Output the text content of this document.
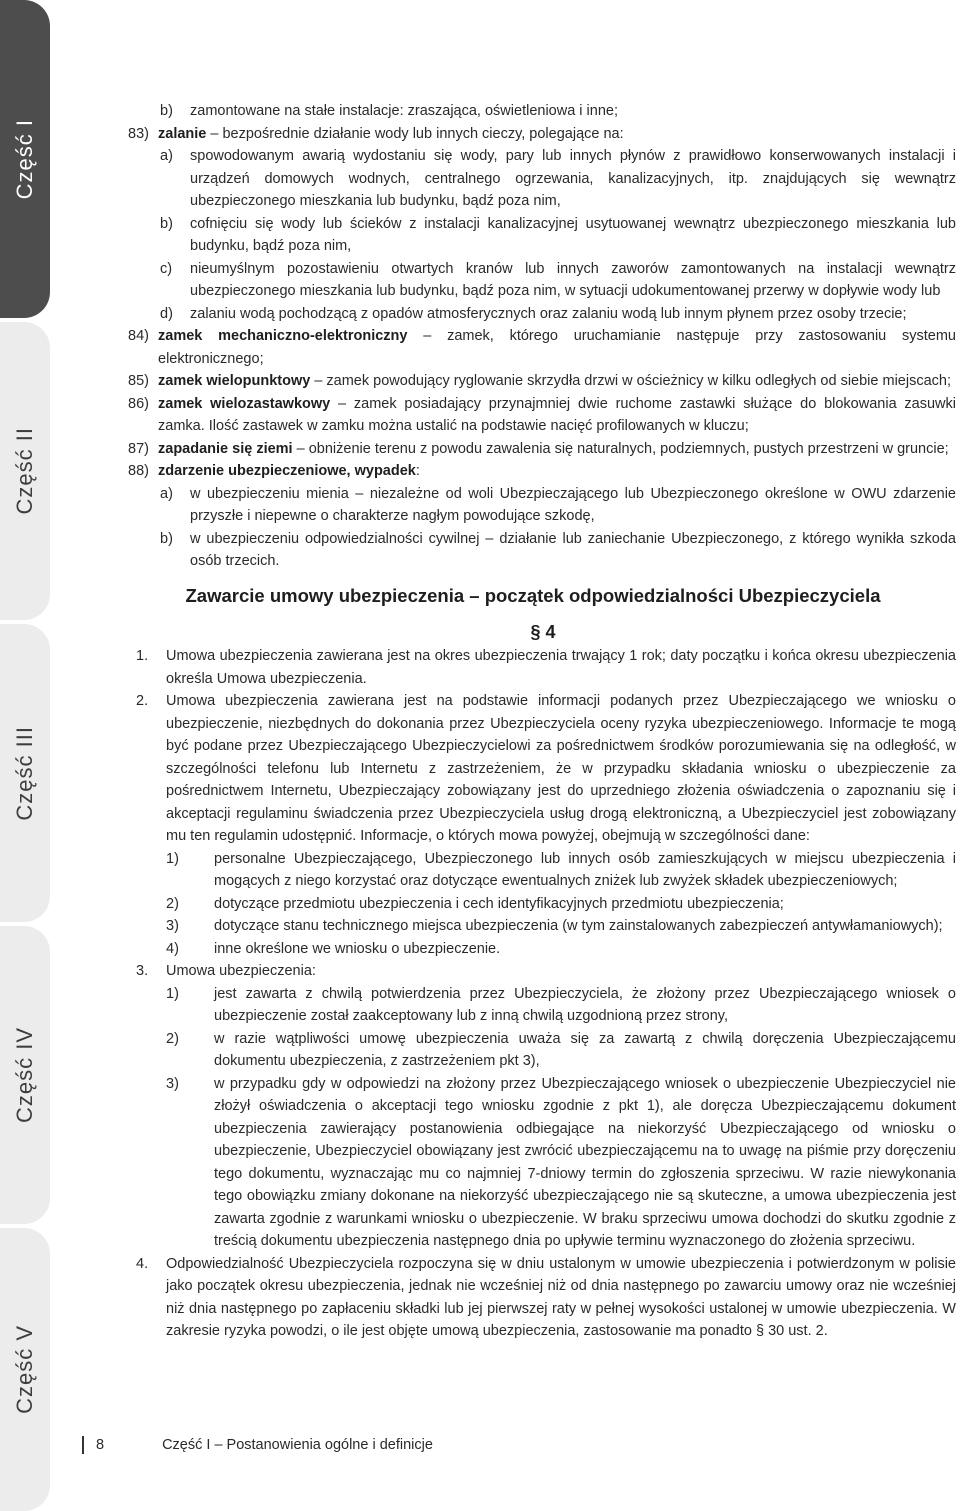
Część I
Część II
Część III
Część IV
Część V
b)	zamontowane na stałe instalacje: zraszająca, oświetleniowa i inne;
83) zalanie – bezpośrednie działanie wody lub innych cieczy, polegające na:
a)	spowodowanym awarią wydostaniu się wody, pary lub innych płynów z prawidłowo konserwowanych instalacji i urządzeń domowych wodnych, centralnego ogrzewania, kanalizacyjnych, itp. znajdujących się wewnątrz ubezpieczonego mieszkania lub budynku, bądź poza nim,
b)	cofnięciu się wody lub ścieków z instalacji kanalizacyjnej usytuowanej wewnątrz ubezpieczonego mieszkania lub budynku, bądź poza nim,
c)	nieumyślnym pozostawieniu otwartych kranów lub innych zaworów zamontowanych na instalacji wewnątrz ubezpieczonego mieszkania lub budynku, bądź poza nim, w sytuacji udokumentowanej przerwy w dopływie wody lub
d)	zalaniu wodą pochodzącą z opadów atmosferycznych oraz zalaniu wodą lub innym płynem przez osoby trzecie;
84) zamek mechaniczno-elektroniczny – zamek, którego uruchamianie następuje przy zastosowaniu systemu elektronicznego;
85) zamek wielopunktowy – zamek powodujący ryglowanie skrzydła drzwi w ościeżnicy w kilku odległych od siebie miejscach;
86) zamek wielozastawkowy – zamek posiadający przynajmniej dwie ruchome zastawki służące do blokowania zasuwki zamka. Ilość zastawek w zamku można ustalić na podstawie nacięć profilowanych w kluczu;
87) zapadanie się ziemi – obniżenie terenu z powodu zawalenia się naturalnych, podziemnych, pustych przestrzeni w gruncie;
88) zdarzenie ubezpieczeniowe, wypadek:
a)	w ubezpieczeniu mienia – niezależne od woli Ubezpieczającego lub Ubezpieczonego określone w OWU zdarzenie przyszłe i niepewne o charakterze nagłym powodujące szkodę,
b)	w ubezpieczeniu odpowiedzialności cywilnej – działanie lub zaniechanie Ubezpieczonego, z którego wynikła szkoda osób trzecich.
Zawarcie umowy ubezpieczenia – początek odpowiedzialności Ubezpieczyciela
§ 4
1.	Umowa ubezpieczenia zawierana jest na okres ubezpieczenia trwający 1 rok; daty początku i końca okresu ubezpieczenia określa Umowa ubezpieczenia.
2.	Umowa ubezpieczenia zawierana jest na podstawie informacji podanych przez Ubezpieczającego we wniosku o ubezpieczenie, niezbędnych do dokonania przez Ubezpieczyciela oceny ryzyka ubezpieczeniowego. Informacje te mogą być podane przez Ubezpieczającego Ubezpieczycielowi za pośrednictwem środków porozumiewania się na odległość, w szczególności telefonu lub Internetu z zastrzeżeniem, że w przypadku składania wniosku o ubezpieczenie za pośrednictwem Internetu, Ubezpieczający zobowiązany jest do uprzedniego złożenia oświadczenia o zapoznaniu się i akceptacji regulaminu świadczenia przez Ubezpieczyciela usług drogą elektroniczną, a Ubezpieczyciel jest zobowiązany mu ten regulamin udostępnić. Informacje, o których mowa powyżej, obejmują w szczególności dane:
1)	personalne Ubezpieczającego, Ubezpieczonego lub innych osób zamieszkujących w miejscu ubezpieczenia i mogących z niego korzystać oraz dotyczące ewentualnych zniżek lub zwyżek składek ubezpieczeniowych;
2)	dotyczące przedmiotu ubezpieczenia i cech identyfikacyjnych przedmiotu ubezpieczenia;
3)	dotyczące stanu technicznego miejsca ubezpieczenia (w tym zainstalowanych zabezpieczeń antywłamaniowych);
4)	inne określone we wniosku o ubezpieczenie.
3.	Umowa ubezpieczenia:
1)	jest zawarta z chwilą potwierdzenia przez Ubezpieczyciela, że złożony przez Ubezpieczającego wniosek o ubezpieczenie został zaakceptowany lub z inną chwilą uzgodnioną przez strony,
2)	w razie wątpliwości umowę ubezpieczenia uważa się za zawartą z chwilą doręczenia Ubezpieczającemu dokumentu ubezpieczenia, z zastrzeżeniem pkt 3),
3)	w przypadku gdy w odpowiedzi na złożony przez Ubezpieczającego wniosek o ubezpieczenie Ubezpieczyciel nie złożył oświadczenia o akceptacji tego wniosku zgodnie z pkt 1), ale doręcza Ubezpieczającemu dokument ubezpieczenia zawierający postanowienia odbiegające na niekorzyść Ubezpieczającego od wniosku o ubezpieczenie, Ubezpieczyciel obowiązany jest zwrócić ubezpieczającemu na to uwagę na piśmie przy doręczeniu tego dokumentu, wyznaczając mu co najmniej 7-dniowy termin do zgłoszenia sprzeciwu. W razie niewykonania tego obowiązku zmiany dokonane na niekorzyść ubezpieczającego nie są skuteczne, a umowa ubezpieczenia jest zawarta zgodnie z warunkami wniosku o ubezpieczenie. W braku sprzeciwu umowa dochodzi do skutku zgodnie z treścią dokumentu ubezpieczenia następnego dnia po upływie terminu wyznaczonego do złożenia sprzeciwu.
4.	Odpowiedzialność Ubezpieczyciela rozpoczyna się w dniu ustalonym w umowie ubezpieczenia i potwierdzonym w polisie jako początek okresu ubezpieczenia, jednak nie wcześniej niż od dnia następnego po zawarciu umowy oraz nie wcześniej niż dnia następnego po zapłaceniu składki lub jej pierwszej raty w pełnej wysokości ustalonej w umowie ubezpieczenia. W zakresie ryzyka powodzi, o ile jest objęte umową ubezpieczenia, zastosowanie ma ponadto § 30 ust. 2.
8	Część I – Postanowienia ogólne i definicje
